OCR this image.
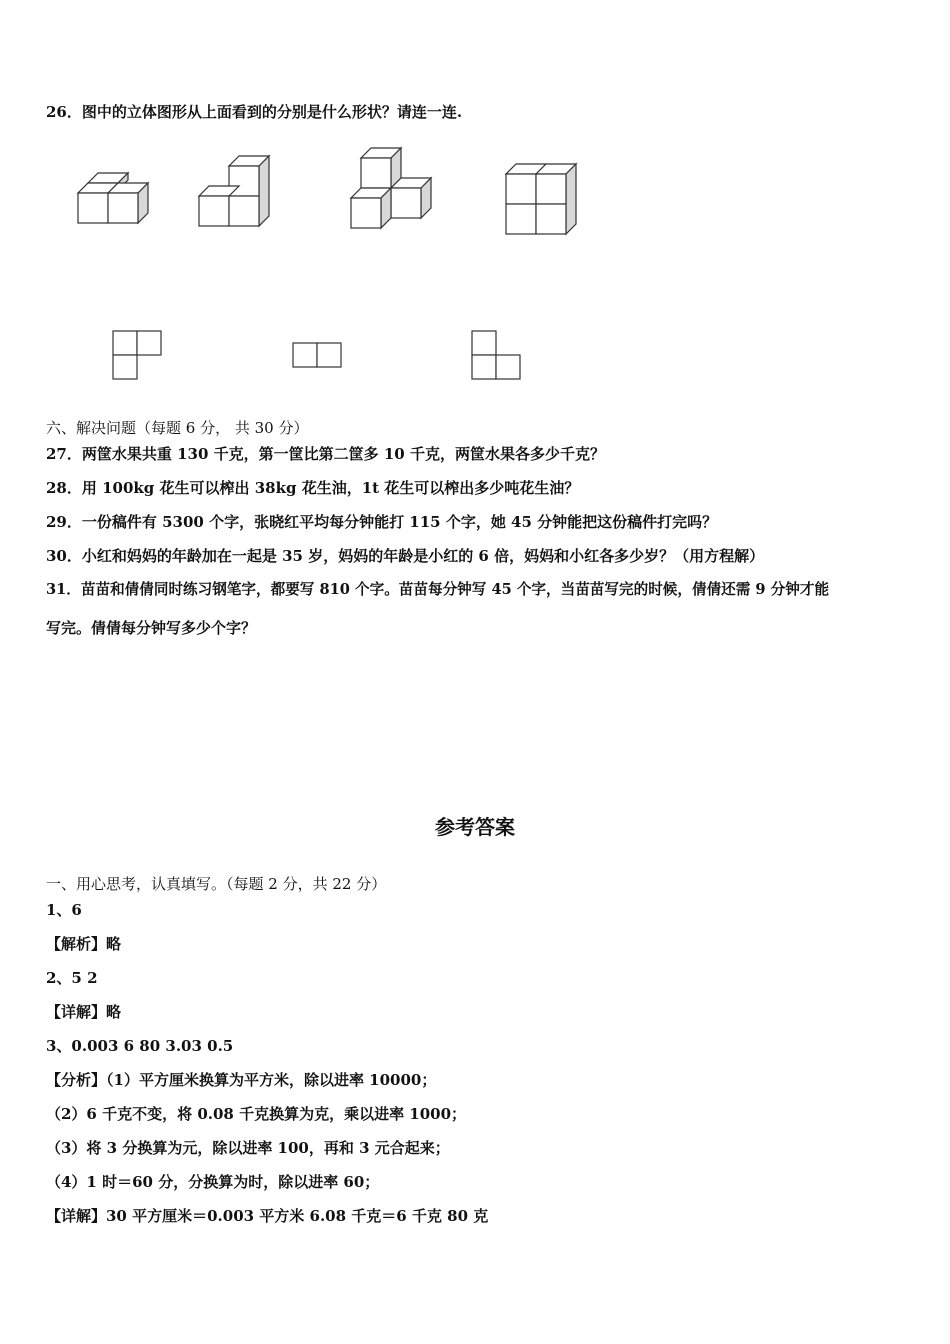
26．图中的立体图形从上面看到的分别是什么形状？请连一连.
六、解决问题（每题 6 分， 共 30 分）
27．两筐水果共重 130 千克，第一筐比第二筐多 10 千克，两筐水果各多少千克？
28．用 100kg 花生可以榨出 38kg 花生油，1t 花生可以榨出多少吨花生油？
29．一份稿件有 5300 个字，张晓红平均每分钟能打 115 个字，她 45 分钟能把这份稿件打完吗？
30．小红和妈妈的年龄加在一起是 35 岁，妈妈的年龄是小红的 6 倍，妈妈和小红各多少岁？（用方程解）
31．苗苗和倩倩同时练习钢笔字，都要写 810 个字。苗苗每分钟写 45 个字，当苗苗写完的时候，倩倩还需 9 分钟才能
写完。倩倩每分钟写多少个字？
参考答案
一、用心思考，认真填写。（每题 2 分，共 22 分）
1、6
【解析】略
2、5 2
【详解】略
3、0.003 6 80 3.03 0.5
【分析】（1）平方厘米换算为平方米，除以进率 10000；
（2）6 千克不变，将 0.08 千克换算为克，乘以进率 1000；
（3）将 3 分换算为元，除以进率 100，再和 3 元合起来；
（4）1 时＝60 分，分换算为时，除以进率 60；
【详解】30 平方厘米＝0.003 平方米 6.08 千克＝6 千克 80 克
